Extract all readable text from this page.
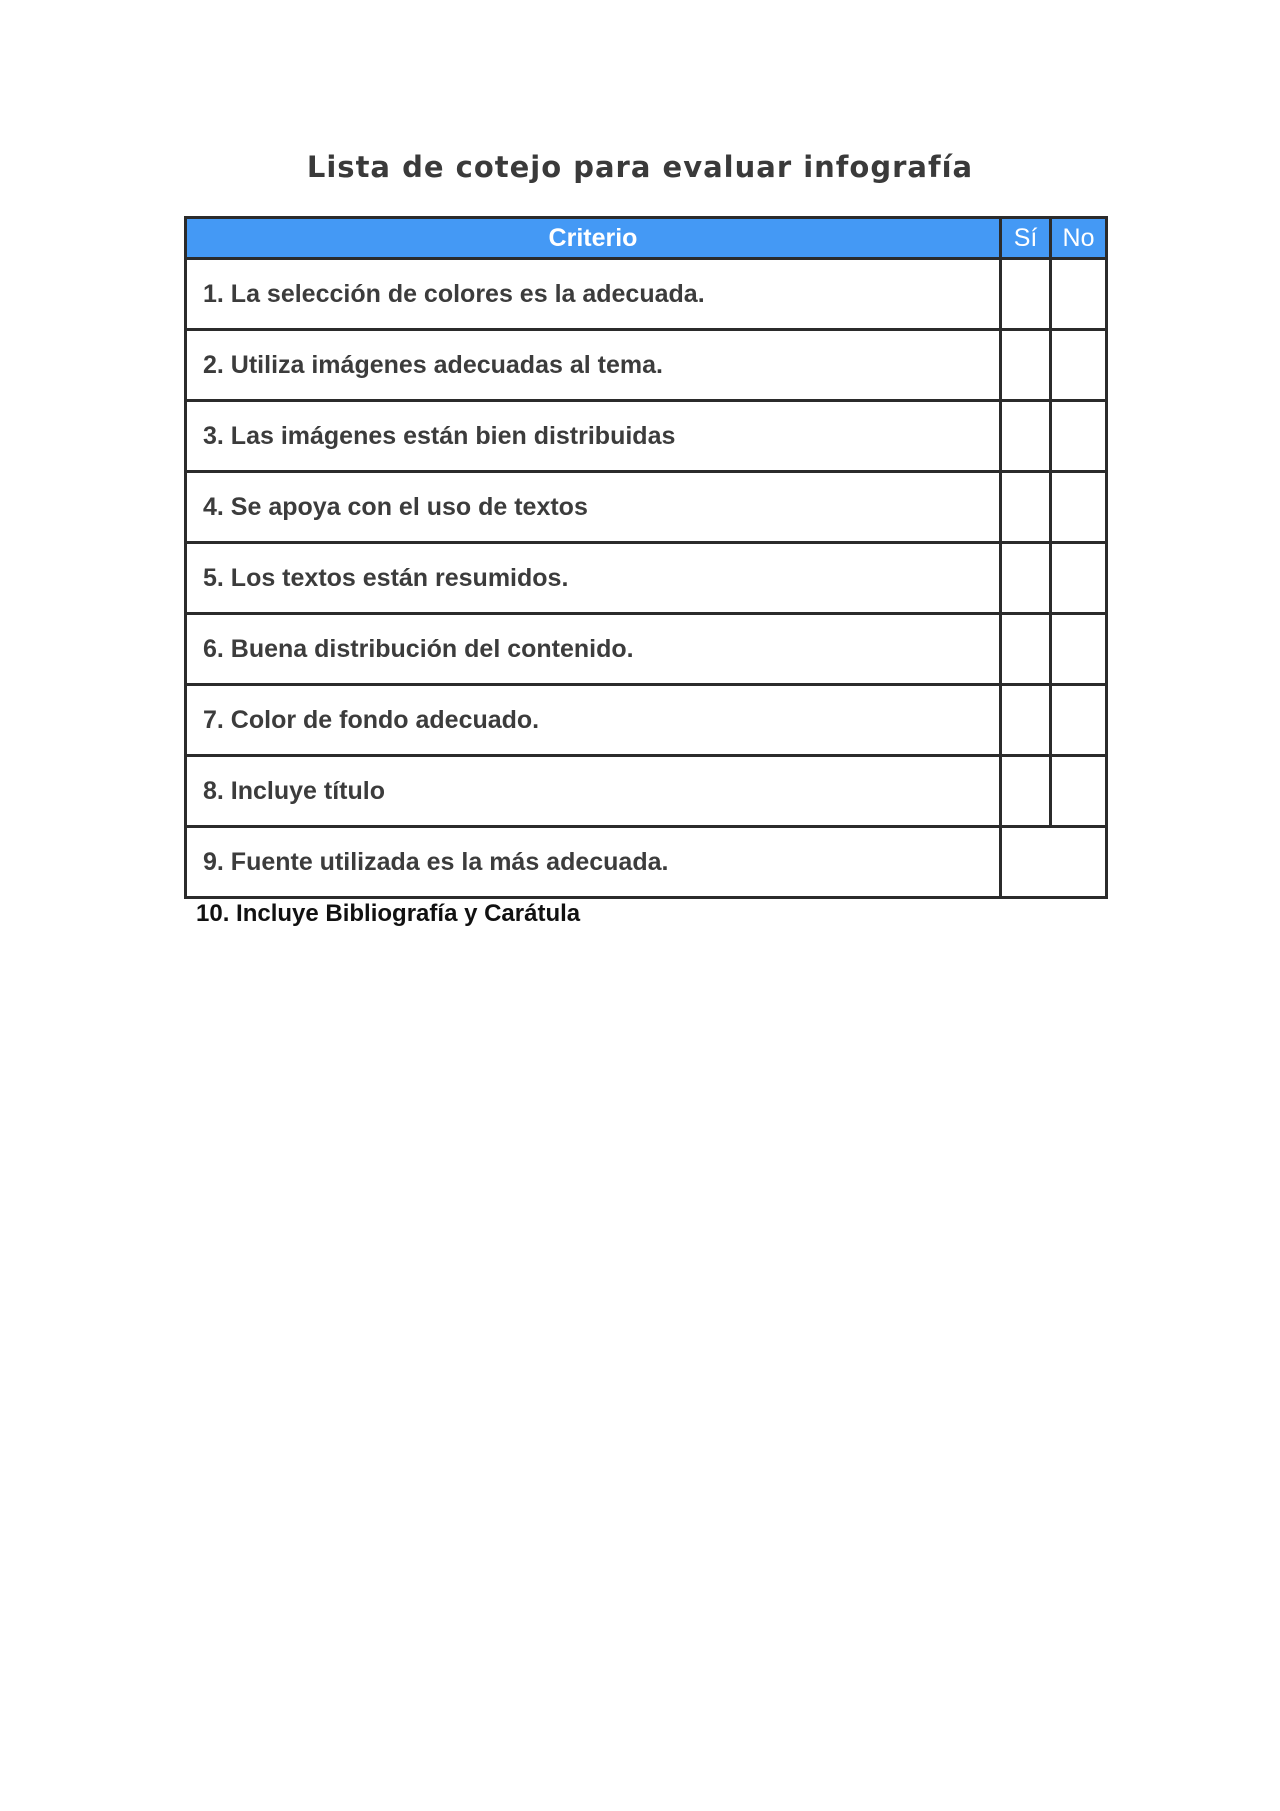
Lista de cotejo para evaluar infografía
Criterio	Sí	No
1. La selección de colores es la adecuada.		
2. Utiliza imágenes adecuadas al tema.		
3. Las imágenes están bien distribuidas		
4. Se apoya con el uso de textos		
5. Los textos están resumidos.		
6. Buena distribución del contenido.		
7. Color de fondo adecuado.		
8. Incluye título		
9. Fuente utilizada es la más adecuada.		

10. Incluye Bibliografía y Carátula
